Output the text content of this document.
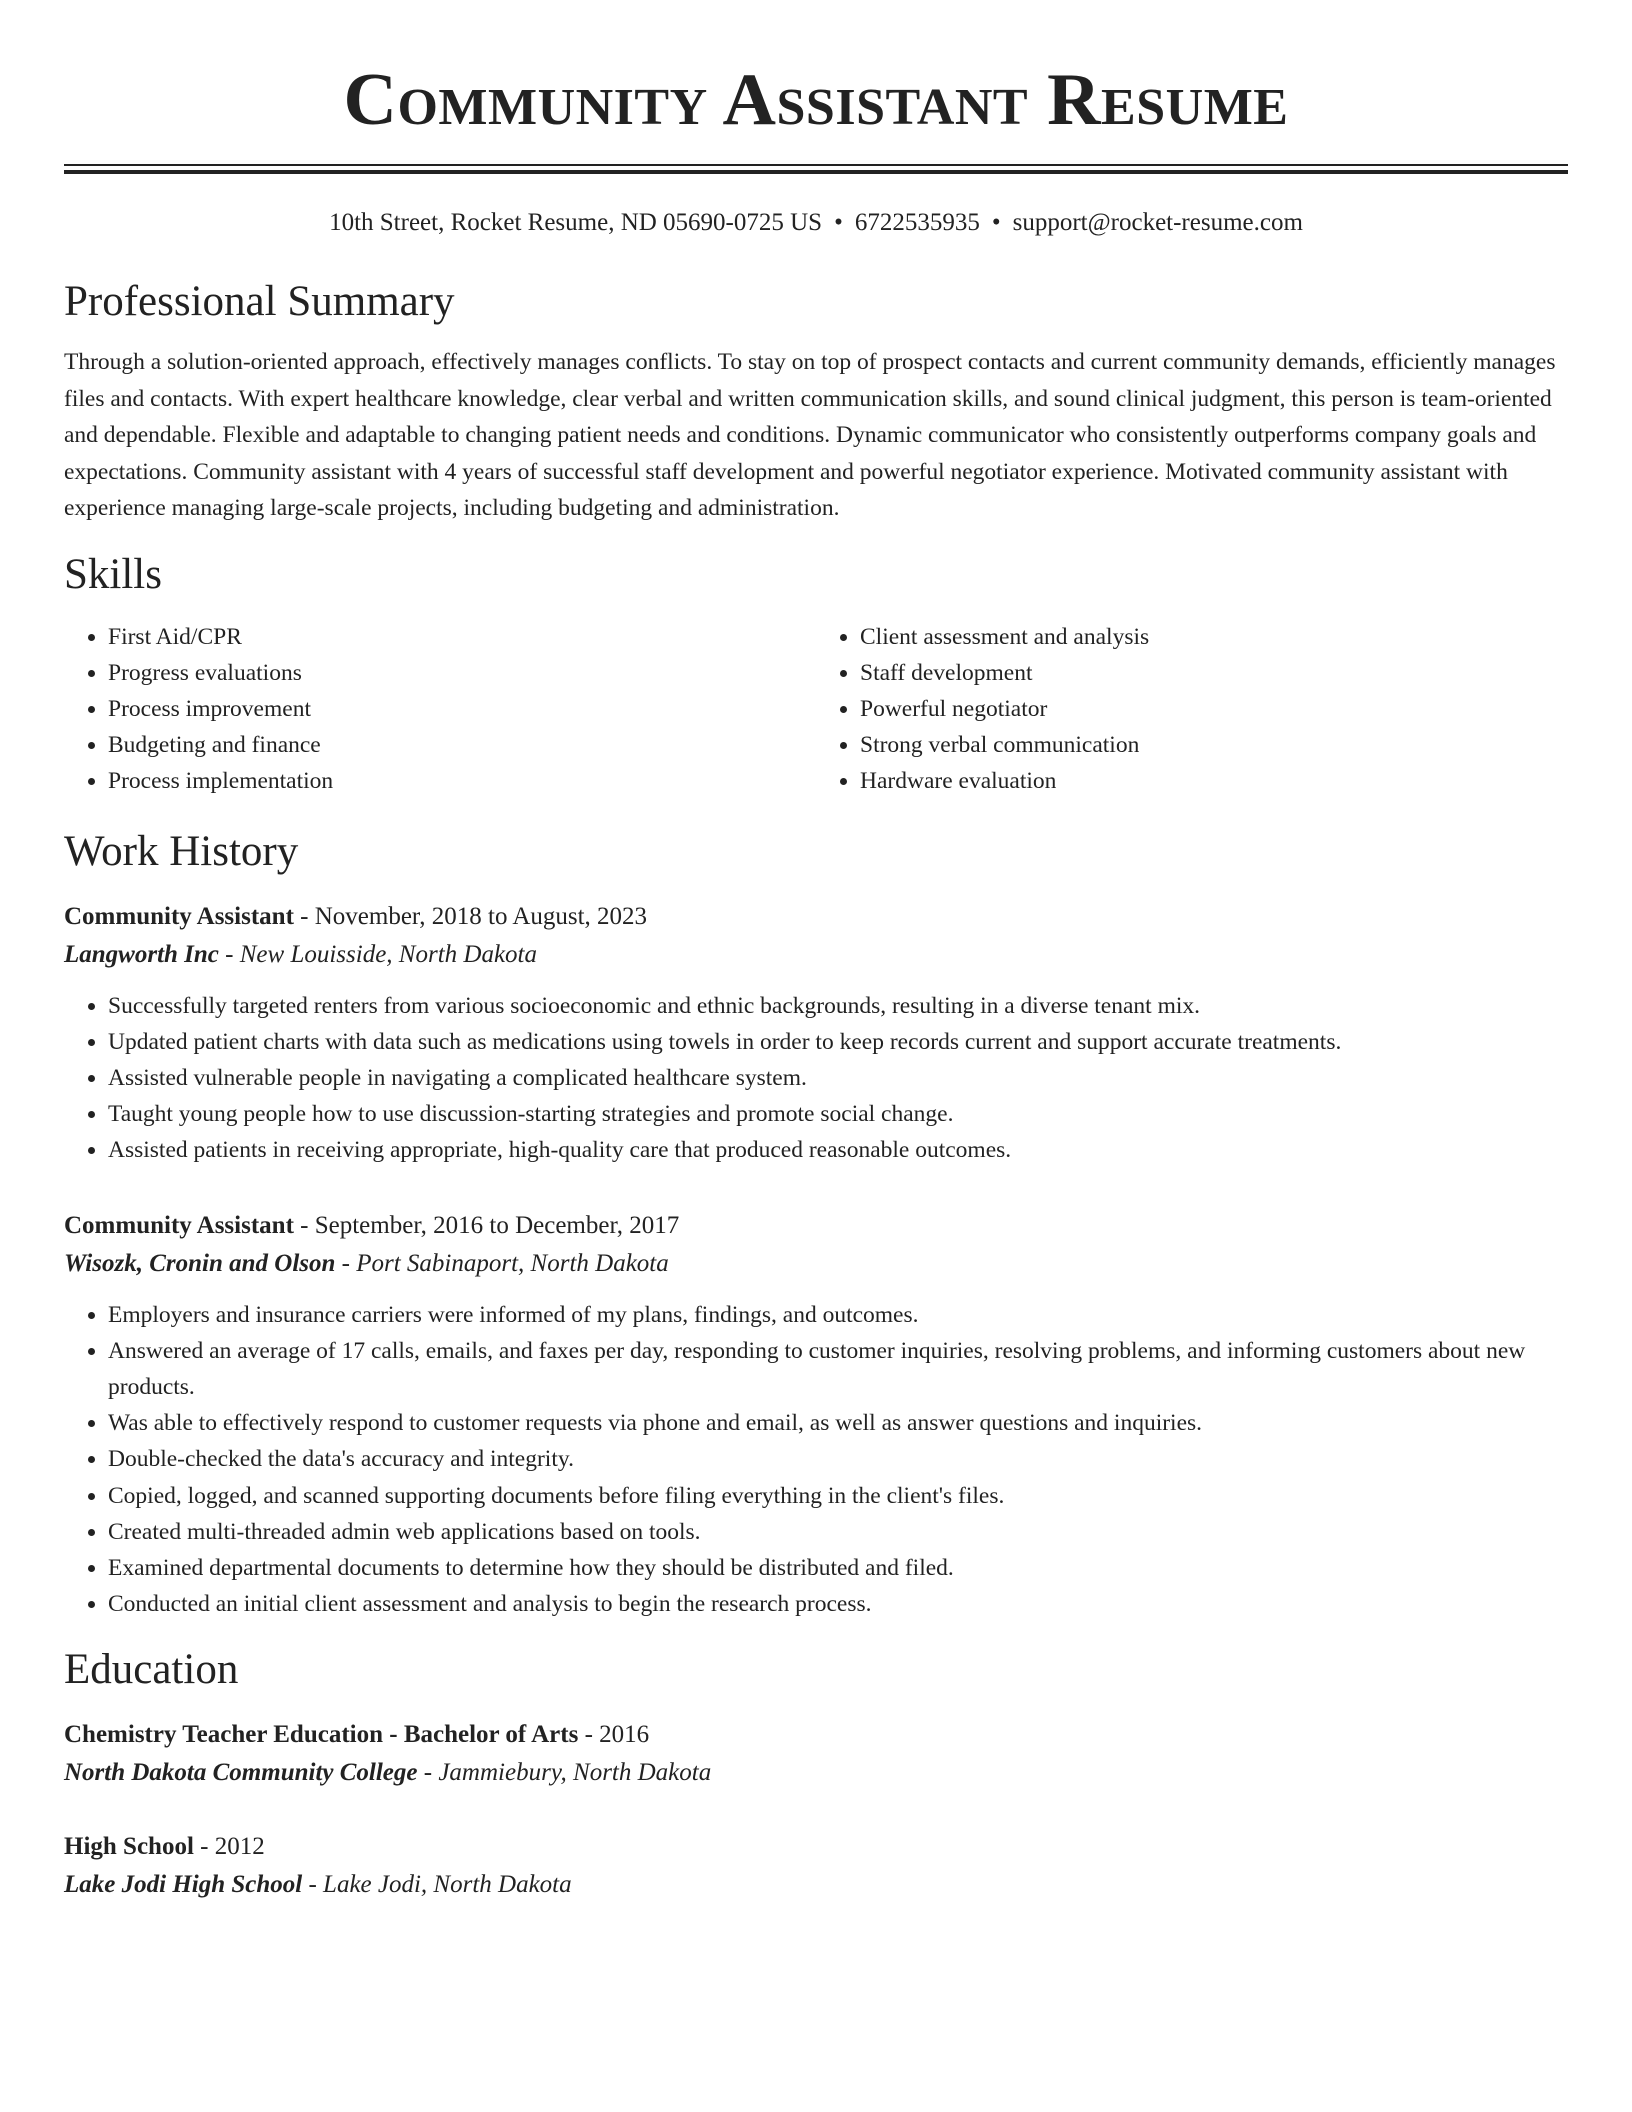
Community Assistant Resume
10th Street, Rocket Resume, ND 05690-0725 US • 6722535935 • support@rocket-resume.com
Professional Summary
Through a solution-oriented approach, effectively manages conflicts. To stay on top of prospect contacts and current community demands, efficiently manages files and contacts. With expert healthcare knowledge, clear verbal and written communication skills, and sound clinical judgment, this person is team-oriented and dependable. Flexible and adaptable to changing patient needs and conditions. Dynamic communicator who consistently outperforms company goals and expectations. Community assistant with 4 years of successful staff development and powerful negotiator experience. Motivated community assistant with experience managing large-scale projects, including budgeting and administration.
Skills
• First Aid/CPR
• Progress evaluations
• Process improvement
• Budgeting and finance
• Process implementation
• Client assessment and analysis
• Staff development
• Powerful negotiator
• Strong verbal communication
• Hardware evaluation
Work History
Community Assistant - November, 2018 to August, 2023
Langworth Inc - New Louisside, North Dakota
• Successfully targeted renters from various socioeconomic and ethnic backgrounds, resulting in a diverse tenant mix.
• Updated patient charts with data such as medications using towels in order to keep records current and support accurate treatments.
• Assisted vulnerable people in navigating a complicated healthcare system.
• Taught young people how to use discussion-starting strategies and promote social change.
• Assisted patients in receiving appropriate, high-quality care that produced reasonable outcomes.
Community Assistant - September, 2016 to December, 2017
Wisozk, Cronin and Olson - Port Sabinaport, North Dakota
• Employers and insurance carriers were informed of my plans, findings, and outcomes.
• Answered an average of 17 calls, emails, and faxes per day, responding to customer inquiries, resolving problems, and informing customers about new products.
• Was able to effectively respond to customer requests via phone and email, as well as answer questions and inquiries.
• Double-checked the data's accuracy and integrity.
• Copied, logged, and scanned supporting documents before filing everything in the client's files.
• Created multi-threaded admin web applications based on tools.
• Examined departmental documents to determine how they should be distributed and filed.
• Conducted an initial client assessment and analysis to begin the research process.
Education
Chemistry Teacher Education - Bachelor of Arts - 2016
North Dakota Community College - Jammiebury, North Dakota
High School - 2012
Lake Jodi High School - Lake Jodi, North Dakota
